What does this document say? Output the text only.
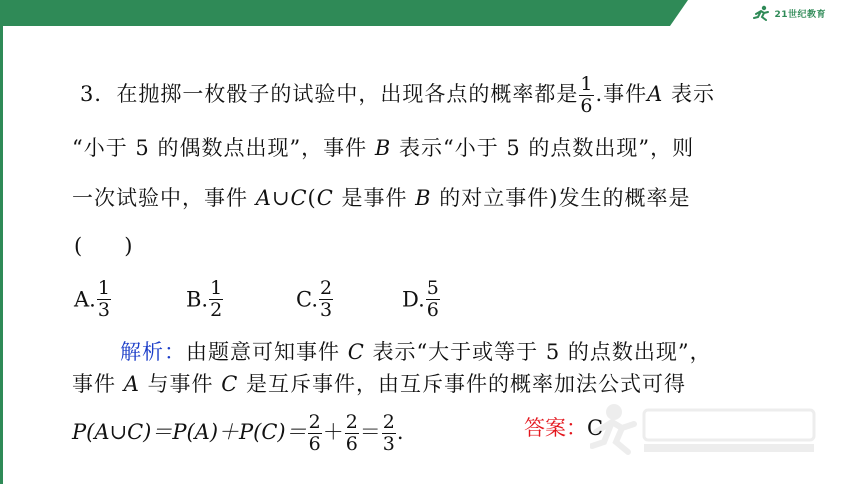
21世纪教育
3．在抛掷一枚骰子的试验中，出现各点的概率都是 $\frac{1}{6}$ .事件A 表示
“小于 5 的偶数点出现”，事件 B 表示“小于 5 的点数出现”，则
一次试验中，事件 A∪C(C 是事件 B 的对立事件)发生的概率是
(　　)
A. $\frac{1}{3}$	B. $\frac{1}{2}$	C. $\frac{2}{3}$	D. $\frac{5}{6}$
解析：由题意可知事件 C 表示“大于或等于 5 的点数出现”，
事件 A 与事件 C 是互斥事件，由互斥事件的概率加法公式可得
P(A∪C)＝P(A)＋P(C)＝ $\frac{2}{6} + \frac{2}{6} = \frac{2}{3}$ .	答案：C
